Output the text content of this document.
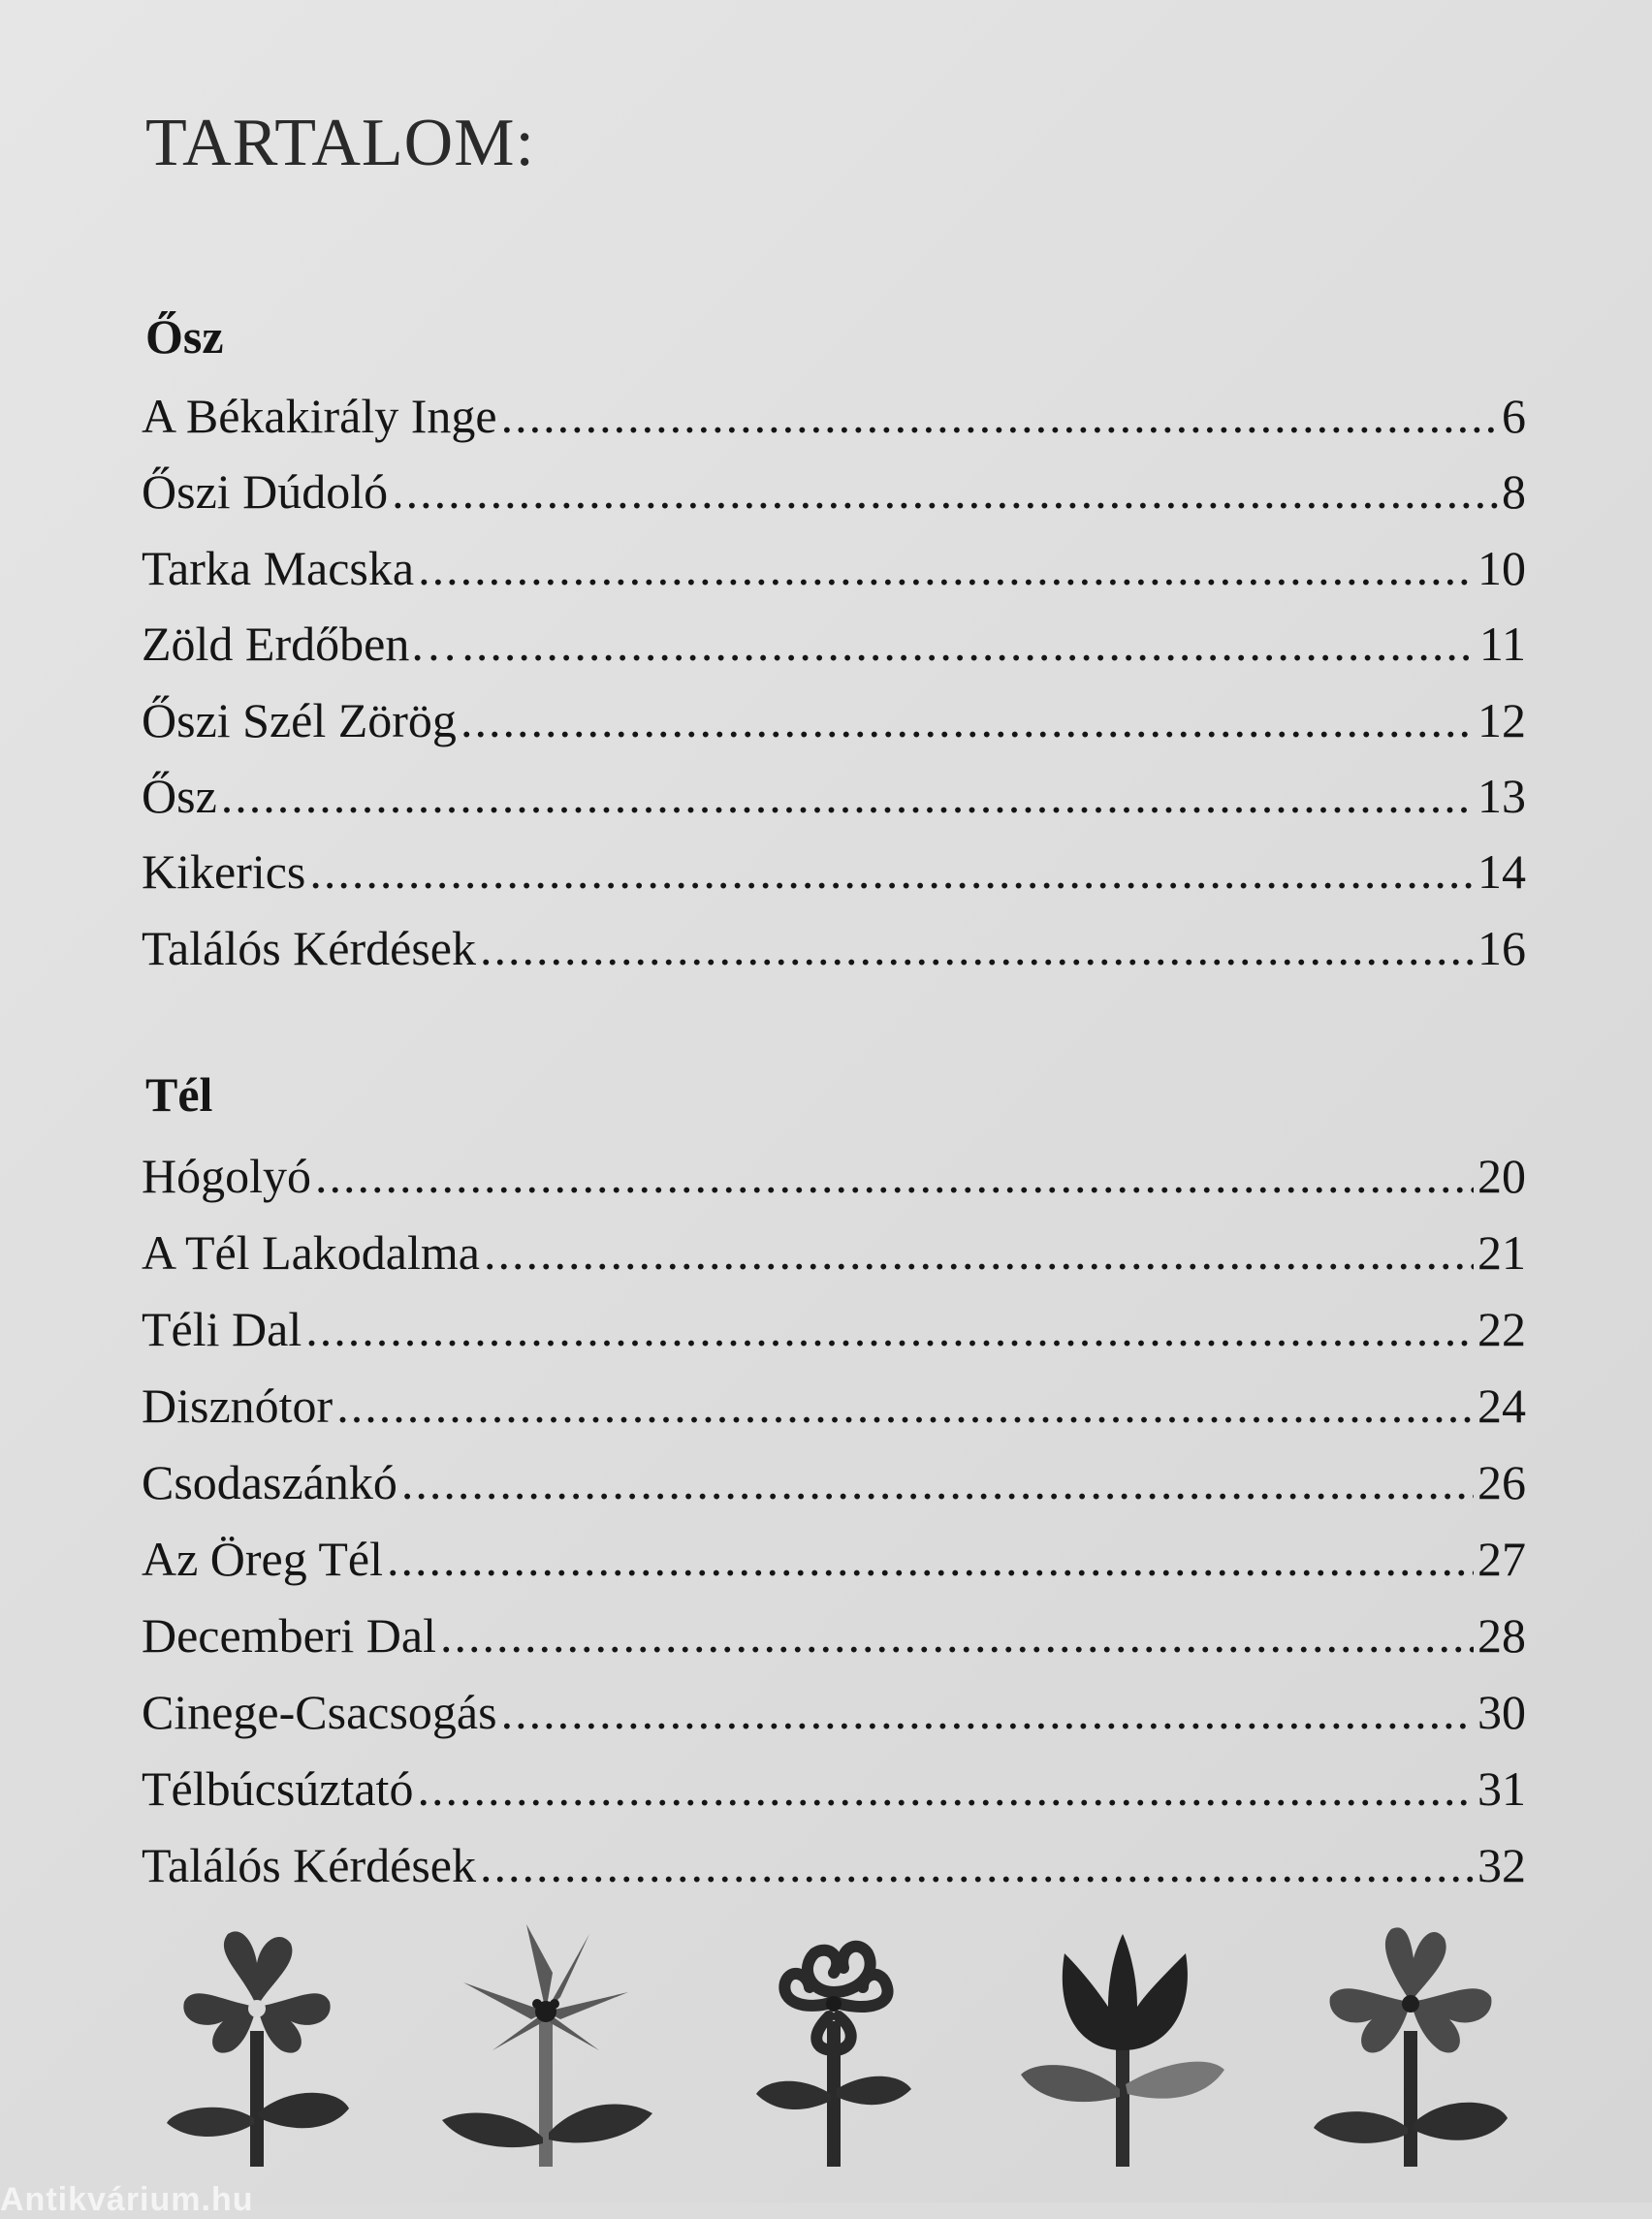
TARTALOM:
Ősz
A Békakirály Inge .....	6
Őszi Dúdoló .....	8
Tarka Macska .....	10
Zöld Erdőben… .....	11
Őszi Szél Zörög .....	12
Ősz .....	13
Kikerics .....	14
Találós Kérdések .....	16
Tél
Hógolyó .....	20
A Tél Lakodalma .....	21
Téli Dal .....	22
Disznótor .....	24
Csodaszánkó .....	26
Az Öreg Tél .....	27
Decemberi Dal .....	28
Cinege-Csacsogás .....	30
Télbúcsúztató .....	31
Találós Kérdések .....	32
Antikvárium.hu
